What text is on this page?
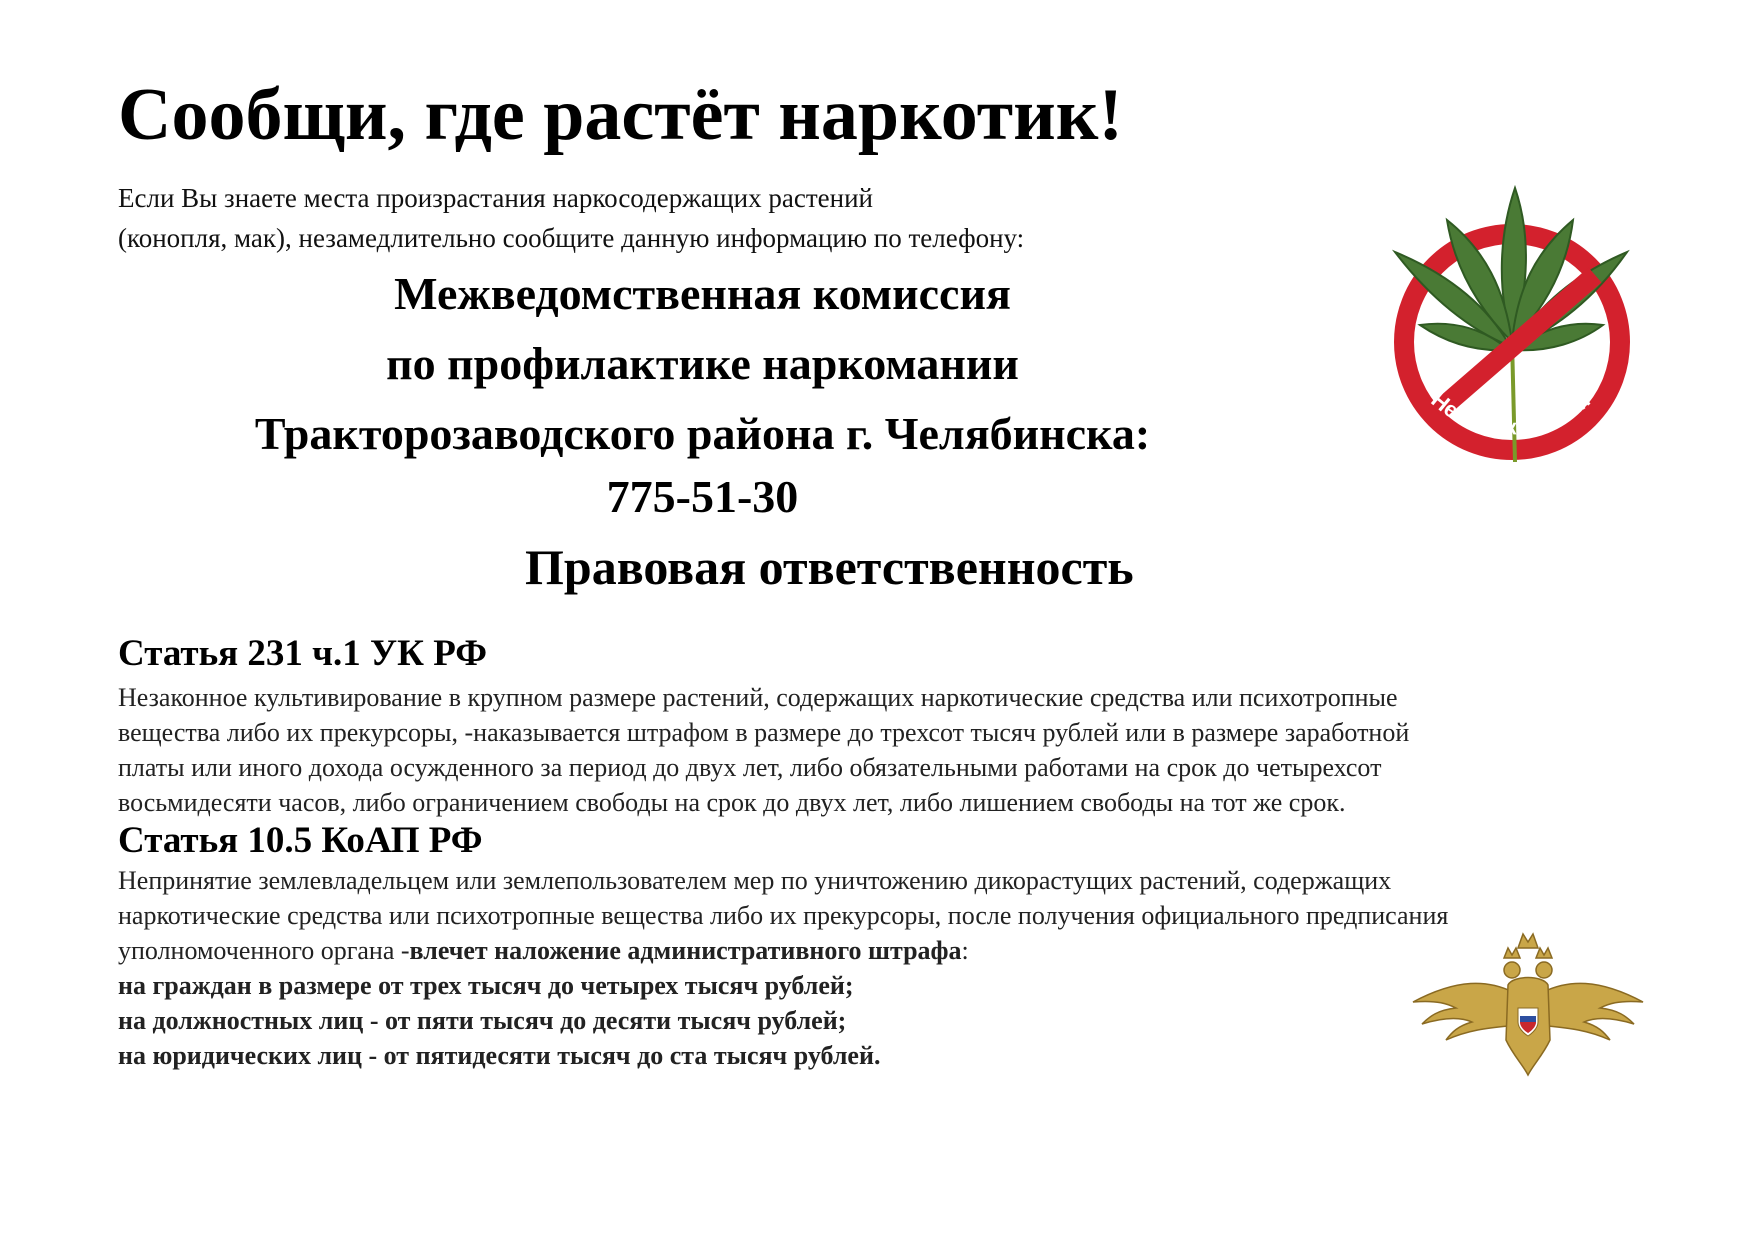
Сообщи, где растёт наркотик!
Если Вы знаете места произрастания наркосодержащих растений
(конопля, мак), незамедлительно сообщите данную информацию по телефону:
Межведомственная комиссия
по профилактике наркомании
Тракторозаводского района г. Челябинска:
775-51-30
Правовая ответственность
Статья 231 ч.1 УК РФ
Незаконное культивирование в крупном размере растений, содержащих наркотические средства или психотропные
вещества либо их прекурсоры, -наказывается штрафом в размере до трехсот тысяч рублей или в размере заработной
платы или иного дохода осужденного за период до двух лет, либо обязательными работами на срок до четырехсот
восьмидесяти часов, либо ограничением свободы на срок до двух лет, либо лишением свободы на тот же срок.
Статья 10.5 КоАП РФ
Непринятие землевладельцем или землепользователем мер по уничтожению дикорастущих растений, содержащих
наркотические средства или психотропные вещества либо их прекурсоры, после получения официального предписания
уполномоченного органа -влечет наложение административного штрафа:
на граждан в размере от трех тысяч до четырех тысяч рублей;
на должностных лиц - от пяти тысяч до десяти тысяч рублей;
на юридических лиц - от пятидесяти тысяч до ста тысяч рублей.
Нет наркотикам!
